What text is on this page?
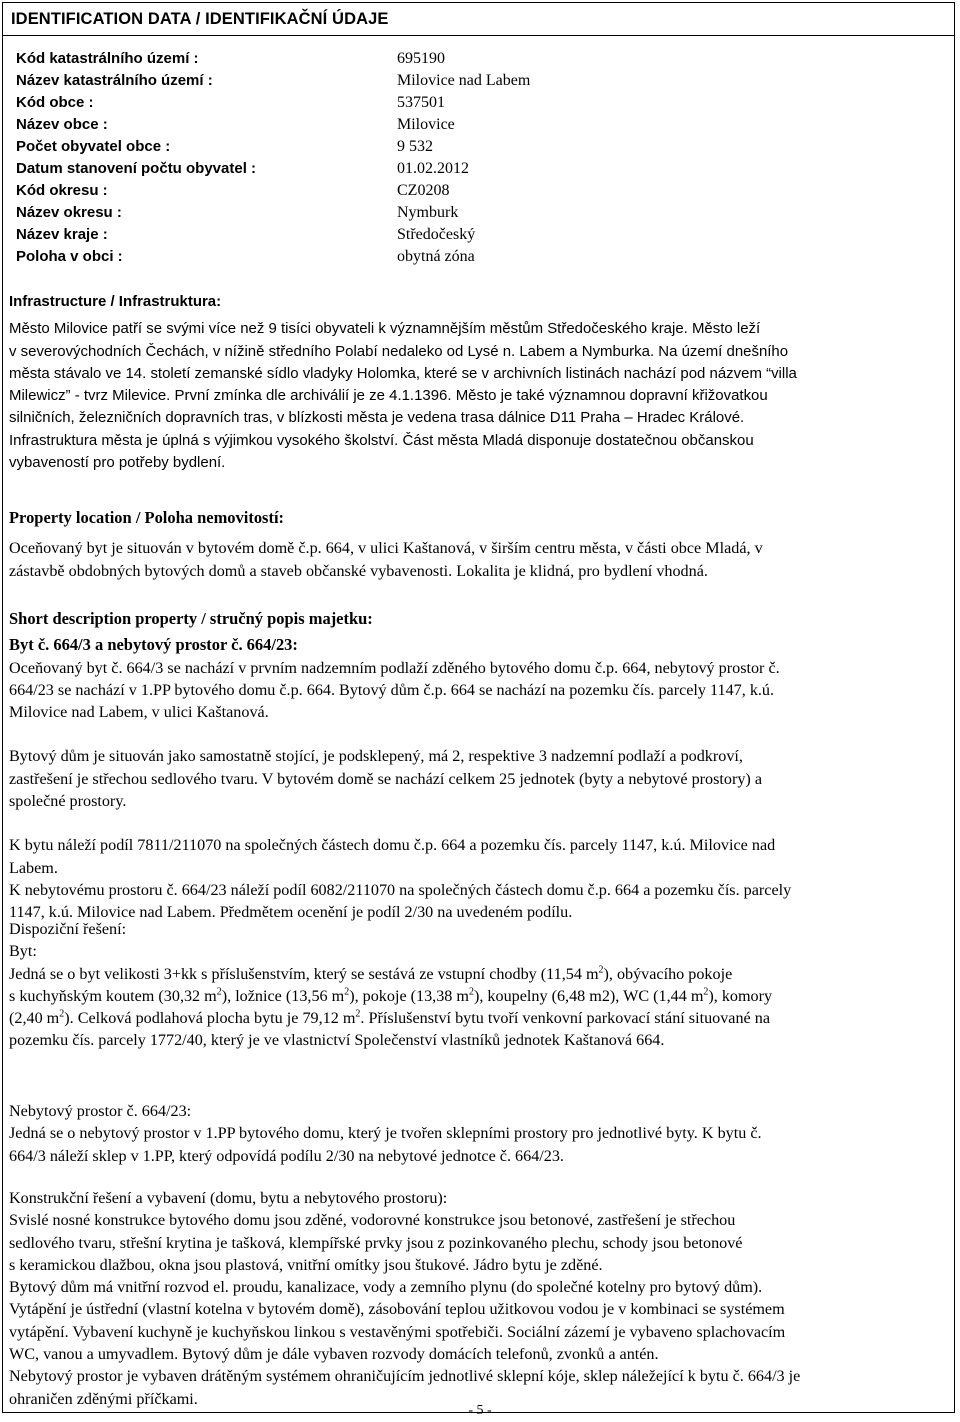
IDENTIFICATION DATA / IDENTIFIKAČNÍ ÚDAJE
Kód katastrálního území :	695190
Název katastrálního území :	Milovice nad Labem
Kód obce :	537501
Název obce :	Milovice
Počet obyvatel obce :	9 532
Datum stanovení počtu obyvatel :	01.02.2012
Kód okresu :	CZ0208
Název okresu :	Nymburk
Název kraje :	Středočeský
Poloha v obci :	obytná zóna
Infrastructure / Infrastruktura:
Město Milovice patří se svými více než 9 tisíci obyvateli k významnějším městům Středočeského kraje. Město leží
v severovýchodních Čechách, v nížině středního Polabí nedaleko od Lysé n. Labem a Nymburka. Na území dnešního
města stávalo ve 14. století zemanské sídlo vladyky Holomka, které se v archivních listinách nachází pod názvem “villa
Milewicz” - tvrz Milevice. První zmínka dle archiválií je ze 4.1.1396. Město je také významnou dopravní křižovatkou
silničních, železničních dopravních tras, v blízkosti města je vedena trasa dálnice D11 Praha – Hradec Králové.
Infrastruktura města je úplná s výjimkou vysokého školství. Část města Mladá disponuje dostatečnou občanskou
vybaveností pro potřeby bydlení.
Property location / Poloha nemovitostí:
Oceňovaný byt je situován v bytovém domě č.p. 664, v ulici Kaštanová, v širším centru města, v části obce Mladá, v
zástavbě obdobných bytových domů a staveb občanské vybavenosti. Lokalita je klidná, pro bydlení vhodná.
Short description property / stručný popis majetku:
Byt č. 664/3 a nebytový prostor č. 664/23:
Oceňovaný byt č. 664/3 se nachází v prvním nadzemním podlaží zděného bytového domu č.p. 664, nebytový prostor č.
664/23 se nachází v 1.PP bytového domu č.p. 664. Bytový dům č.p. 664 se nachází na pozemku čís. parcely 1147, k.ú.
Milovice nad Labem, v ulici Kaštanová.
Bytový dům je situován jako samostatně stojící, je podsklepený, má 2, respektive 3 nadzemní podlaží a podkroví,
zastřešení je střechou sedlového tvaru. V bytovém domě se nachází celkem 25 jednotek (byty a nebytové prostory) a
společné prostory.
K bytu náleží podíl 7811/211070 na společných částech domu č.p. 664 a pozemku čís. parcely 1147, k.ú. Milovice nad
Labem.
K nebytovému prostoru č. 664/23 náleží podíl 6082/211070 na společných částech domu č.p. 664 a pozemku čís. parcely
1147, k.ú. Milovice nad Labem. Předmětem ocenění je podíl 2/30 na uvedeném podílu.
Dispoziční řešení:
Byt:
Jedná se o byt velikosti 3+kk s příslušenstvím, který se sestává ze vstupní chodby (11,54 $m^2$), obývacího pokoje
s kuchyňským koutem (30,32 $m^2$), ložnice (13,56 $m^2$), pokoje (13,38 $m^2$), koupelny (6,48 m2), WC (1,44 $m^2$), komory
(2,40 $m^2$). Celková podlahová plocha bytu je 79,12 $m^2$. Příslušenství bytu tvoří venkovní parkovací stání situované na
pozemku čís. parcely 1772/40, který je ve vlastnictví Společenství vlastníků jednotek Kaštanová 664.
Nebytový prostor č. 664/23:
Jedná se o nebytový prostor v 1.PP bytového domu, který je tvořen sklepními prostory pro jednotlivé byty. K bytu č.
664/3 náleží sklep v 1.PP, který odpovídá podílu 2/30 na nebytové jednotce č. 664/23.
Konstrukční řešení a vybavení (domu, bytu a nebytového prostoru):
Svislé nosné konstrukce bytového domu jsou zděné, vodorovné konstrukce jsou betonové, zastřešení je střechou
sedlového tvaru, střešní krytina je tašková, klempířské prvky jsou z pozinkovaného plechu, schody jsou betonové
s keramickou dlažbou, okna jsou plastová, vnitřní omítky jsou štukové. Jádro bytu je zděné.
Bytový dům má vnitřní rozvod el. proudu, kanalizace, vody a zemního plynu (do společné kotelny pro bytový dům).
Vytápění je ústřední (vlastní kotelna v bytovém domě), zásobování teplou užitkovou vodou je v kombinaci se systémem
vytápění. Vybavení kuchyně je kuchyňskou linkou s vestavěnými spotřebiči. Sociální zázemí je vybaveno splachovacím
WC, vanou a umyvadlem. Bytový dům je dále vybaven rozvody domácích telefonů, zvonků a antén.
Nebytový prostor je vybaven drátěným systémem ohraničujícím jednotlivé sklepní kóje, sklep náležející k bytu č. 664/3 je
ohraničen zděnými příčkami.
- 5 -
